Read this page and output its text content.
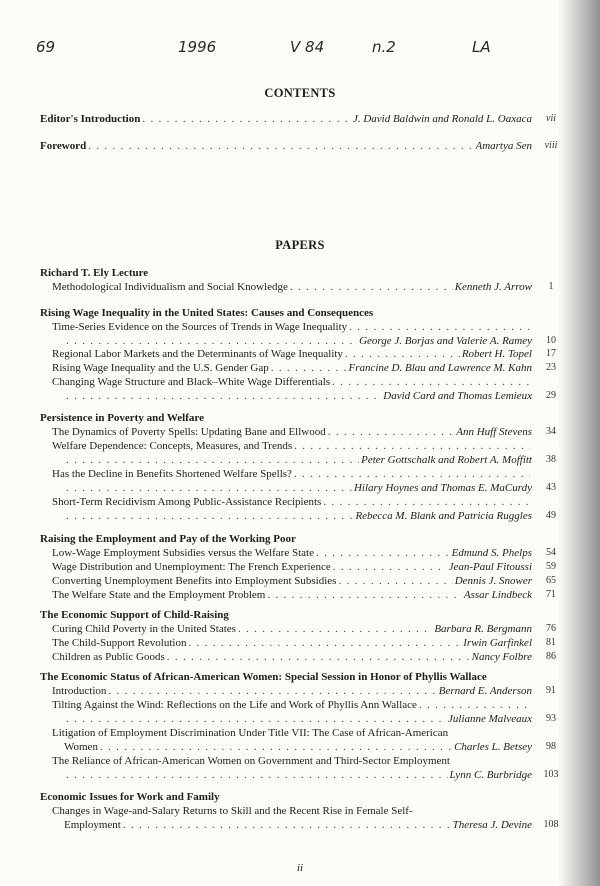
69	1996	V 84	n.2	LA
CONTENTS
Editor's Introduction . . .	J. David Baldwin and Ronald L. Oaxaca	vii
Foreword . . .	Amartya Sen	viii
PAPERS
Richard T. Ely Lecture
Methodological Individualism and Social Knowledge . . .	Kenneth J. Arrow	1
Rising Wage Inequality in the United States: Causes and Consequences
Time-Series Evidence on the Sources of Trends in Wage Inequality
. . .
. . .
George J. Borjas and Valerie A. Ramey	10
Regional Labor Markets and the Determinants of Wage Inequality . . .	Robert H. Topel	17
Rising Wage Inequality and the U.S. Gender Gap . . .	Francine D. Blau and Lawrence M. Kahn	23
Changing Wage Structure and Black–White Wage Differentials
. . .
. . .
David Card and Thomas Lemieux	29
Persistence in Poverty and Welfare
The Dynamics of Poverty Spells: Updating Bane and Ellwood . . .	Ann Huff Stevens	34
Welfare Dependence: Concepts, Measures, and Trends
. . .
. . .
Peter Gottschalk and Robert A. Moffitt	38
Has the Decline in Benefits Shortened Welfare Spells?
. . .
. . .
Hilary Hoynes and Thomas E. MaCurdy	43
Short-Term Recidivism Among Public-Assistance Recipients
. . .
. . .
Rebecca M. Blank and Patricia Ruggles	49
Raising the Employment and Pay of the Working Poor
Low-Wage Employment Subsidies versus the Welfare State . . .	Edmund S. Phelps	54
Wage Distribution and Unemployment: The French Experience . . .	Jean-Paul Fitoussi	59
Converting Unemployment Benefits into Employment Subsidies . . .	Dennis J. Snower	65
The Welfare State and the Employment Problem . . .	Assar Lindbeck	71
The Economic Support of Child-Raising
Curing Child Poverty in the United States . . .	Barbara R. Bergmann	76
The Child-Support Revolution . . .	Irwin Garfinkel	81
Children as Public Goods . . .	Nancy Folbre	86
The Economic Status of African-American Women: Special Session in Honor of Phyllis Wallace
Introduction . . .	Bernard E. Anderson	91
Tilting Against the Wind: Reflections on the Life and Work of Phyllis Ann Wallace
. . .
. . .
Julianne Malveaux	93
Litigation of Employment Discrimination Under Title VII: The Case of African-American
Women . . .	Charles L. Betsey	98
The Reliance of African-American Women on Government and Third-Sector Employment
. . .
Lynn C. Burbridge	103
Economic Issues for Work and Family
Changes in Wage-and-Salary Returns to Skill and the Recent Rise in Female Self-
Employment . . .	Theresa J. Devine	108
ii
